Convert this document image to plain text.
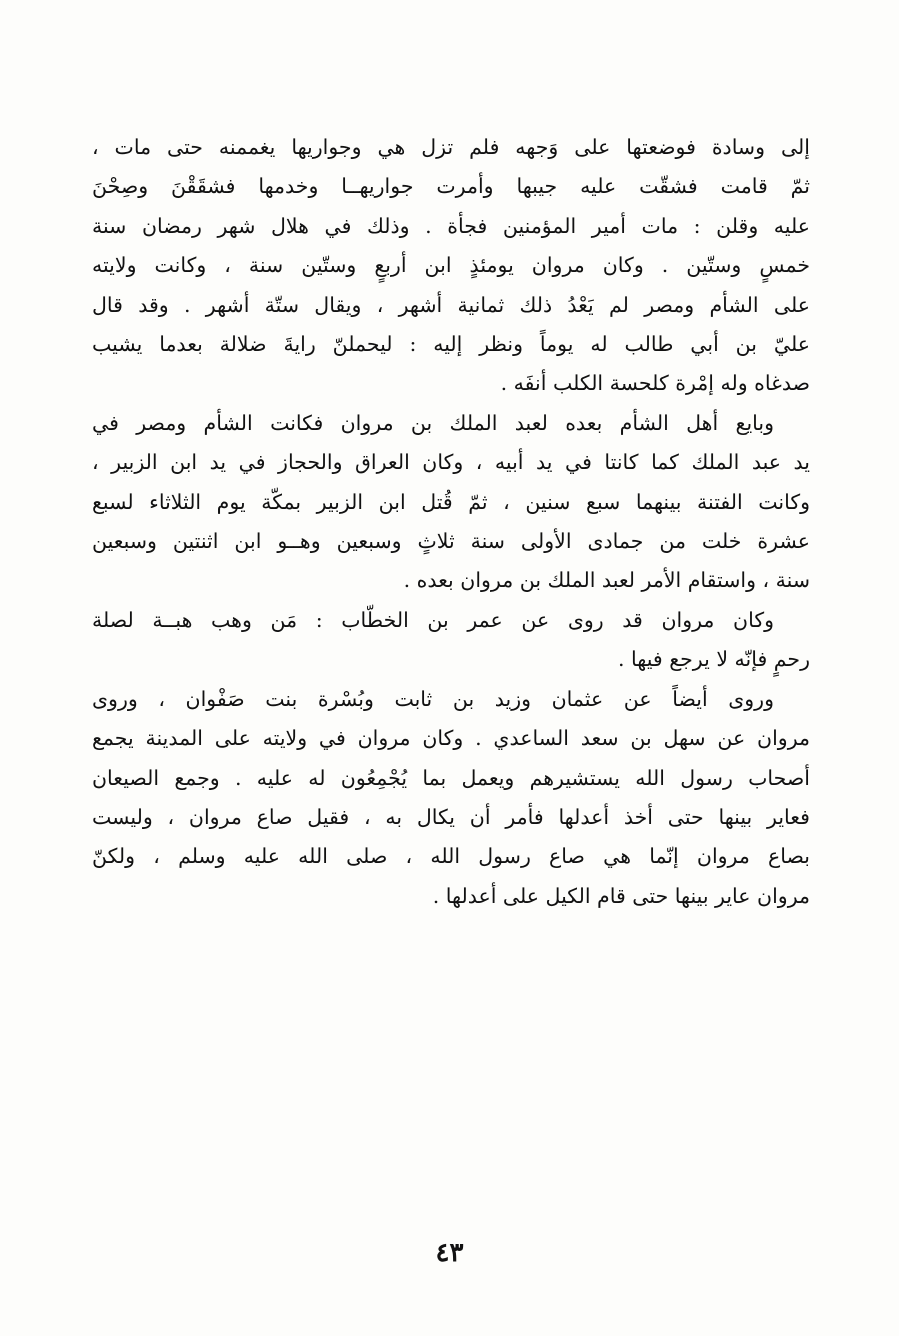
إلى وسادة فوضعتها على وَجهه فلم تزل هي وجواريها يغممنه حتى مات ،
ثمّ قامت فشقّت عليه جيبها وأمرت جواريهــا وخدمها فشقَقْنَ وصِحْنَ
عليه وقلن : مات أمير المؤمنين فجأة . وذلك في هلال شهر رمضان سنة
خمسٍ وستّين . وكان مروان يومئذٍ ابن أربعٍ وستّين سنة ، وكانت ولايته
على الشأم ومصر لم يَعْدُ ذلك ثمانية أشهر ، ويقال ستّة أشهر . وقد قال
عليّ بن أبي طالب له يوماً ونظر إليه : ليحملنّ رايةَ ضلالة بعدما يشيب
صدغاه وله إمْرة كلحسة الكلب أنفَه .
وبايع أهل الشأم بعده لعبد الملك بن مروان فكانت الشأم ومصر في
يد عبد الملك كما كانتا في يد أبيه ، وكان العراق والحجاز في يد ابن الزبير ،
وكانت الفتنة بينهما سبع سنين ، ثمّ قُتل ابن الزبير بمكّة يوم الثلاثاء لسبع
عشرة خلت من جمادى الأولى سنة ثلاثٍ وسبعين وهــو ابن اثنتين وسبعين
سنة ، واستقام الأمر لعبد الملك بن مروان بعده .
وكان مروان قد روى عن عمر بن الخطّاب : مَن وهب هبــة لصلة
رحمٍ فإنّه لا يرجع فيها .
وروى أيضاً عن عثمان وزيد بن ثابت وبُسْرة بنت صَفْوان ، وروى
مروان عن سهل بن سعد الساعدي . وكان مروان في ولايته على المدينة يجمع
أصحاب رسول الله يستشيرهم ويعمل بما يُجْمِعُون له عليه . وجمع الصيعان
فعاير بينها حتى أخذ أعدلها فأمر أن يكال به ، فقيل صاع مروان ، وليست
بصاع مروان إنّما هي صاع رسول الله ، صلى الله عليه وسلم ، ولكنّ
مروان عاير بينها حتى قام الكيل على أعدلها .
٤٣
